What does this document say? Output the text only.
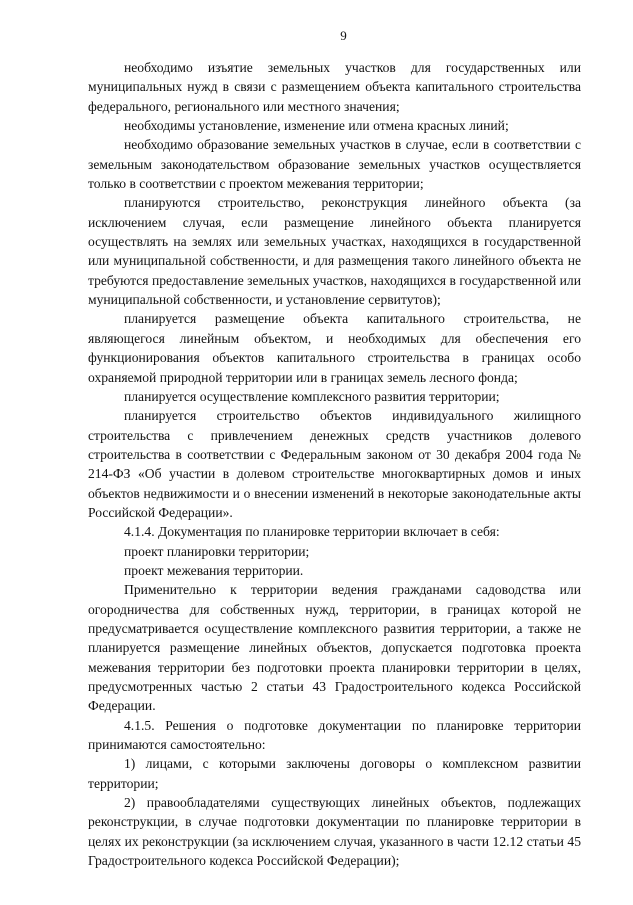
9

необходимо изъятие земельных участков для государственных или муниципальных нужд в связи с размещением объекта капитального строительства федерального, регионального или местного значения;

необходимы установление, изменение или отмена красных линий;

необходимо образование земельных участков в случае, если в соответствии с земельным законодательством образование земельных участков осуществляется только в соответствии с проектом межевания территории;

планируются строительство, реконструкция линейного объекта (за исключением случая, если размещение линейного объекта планируется осуществлять на землях или земельных участках, находящихся в государственной или муниципальной собственности, и для размещения такого линейного объекта не требуются предоставление земельных участков, находящихся в государственной или муниципальной собственности, и установление сервитутов);

планируется размещение объекта капитального строительства, не являющегося линейным объектом, и необходимых для обеспечения его функционирования объектов капитального строительства в границах особо охраняемой природной территории или в границах земель лесного фонда;

планируется осуществление комплексного развития территории;

планируется строительство объектов индивидуального жилищного строительства с привлечением денежных средств участников долевого строительства в соответствии с Федеральным законом от 30 декабря 2004 года № 214-ФЗ «Об участии в долевом строительстве многоквартирных домов и иных объектов недвижимости и о внесении изменений в некоторые законодательные акты Российской Федерации».

4.1.4. Документация по планировке территории включает в себя:

проект планировки территории;

проект межевания территории.

Применительно к территории ведения гражданами садоводства или огородничества для собственных нужд, территории, в границах которой не предусматривается осуществление комплексного развития территории, а также не планируется размещение линейных объектов, допускается подготовка проекта межевания территории без подготовки проекта планировки территории в целях, предусмотренных частью 2 статьи 43 Градостроительного кодекса Российской Федерации.

4.1.5. Решения о подготовке документации по планировке территории принимаются самостоятельно:

1) лицами, с которыми заключены договоры о комплексном развитии территории;

2) правообладателями существующих линейных объектов, подлежащих реконструкции, в случае подготовки документации по планировке территории в целях их реконструкции (за исключением случая, указанного в части 12.12 статьи 45 Градостроительного кодекса Российской Федерации);
